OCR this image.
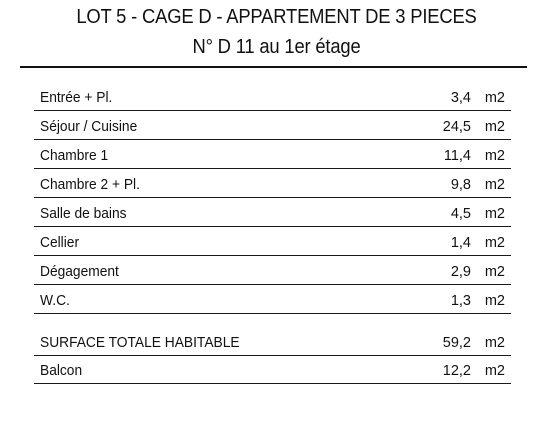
LOT 5 - CAGE D - APPARTEMENT DE 3 PIECES
N° D 11 au 1er étage
Entrée + Pl.	3,4 m2
Séjour / Cuisine	24,5 m2
Chambre 1	11,4 m2
Chambre 2 + Pl.	9,8 m2
Salle de bains	4,5 m2
Cellier	1,4 m2
Dégagement	2,9 m2
W.C.	1,3 m2
SURFACE TOTALE HABITABLE	59,2 m2
Balcon	12,2 m2
